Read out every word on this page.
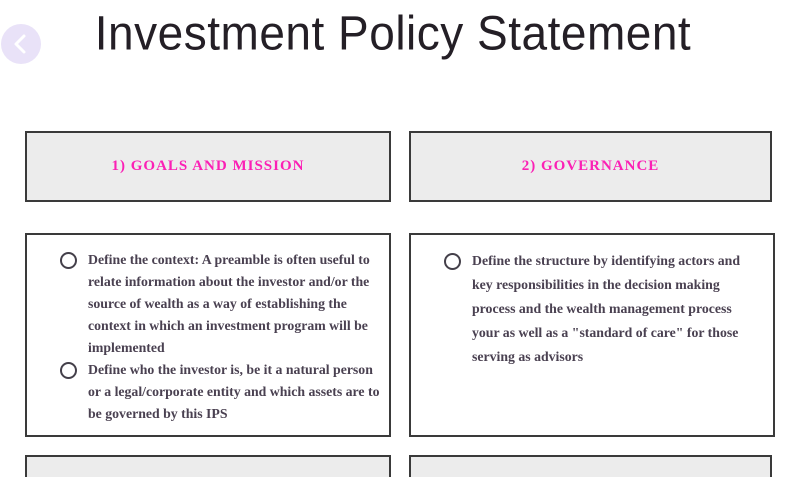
Investment Policy Statement
1) GOALS AND MISSION	2) GOVERNANCE
Define the context: A preamble is often useful to relate information about the investor and/or the source of wealth as a way of establishing the context in which an investment program will be implemented
Define who the investor is, be it a natural person or a legal/corporate entity and which assets are to be governed by this IPS
Define the structure by identifying actors and key responsibilities in the decision making process and the wealth management process your as well as a "standard of care" for those serving as advisors
